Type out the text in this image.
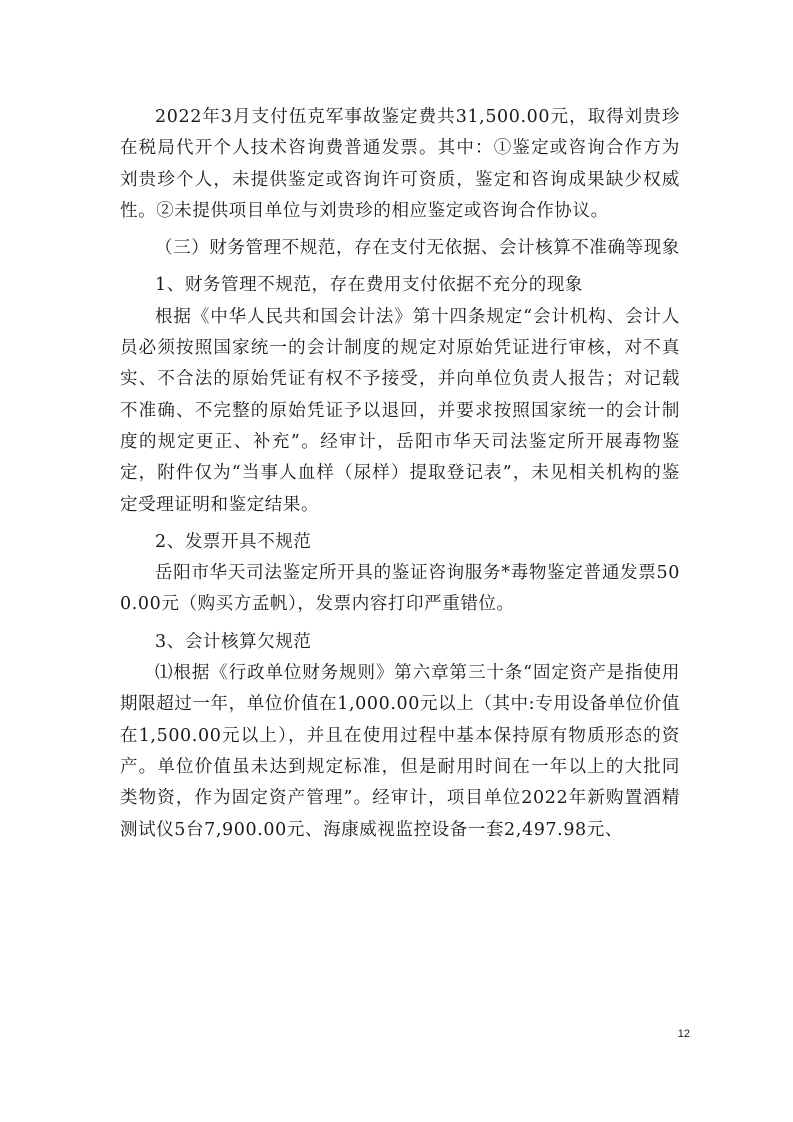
2022年3月支付伍克军事故鉴定费共31,500.00元，取得刘贵珍在税局代开个人技术咨询费普通发票。其中：①鉴定或咨询合作方为刘贵珍个人，未提供鉴定或咨询许可资质，鉴定和咨询成果缺少权威性。②未提供项目单位与刘贵珍的相应鉴定或咨询合作协议。

（三）财务管理不规范，存在支付无依据、会计核算不准确等现象

1、财务管理不规范，存在费用支付依据不充分的现象

根据《中华人民共和国会计法》第十四条规定“会计机构、会计人员必须按照国家统一的会计制度的规定对原始凭证进行审核，对不真实、不合法的原始凭证有权不予接受，并向单位负责人报告；对记载不准确、不完整的原始凭证予以退回，并要求按照国家统一的会计制度的规定更正、补充”。经审计，岳阳市华天司法鉴定所开展毒物鉴定，附件仅为“当事人血样（尿样）提取登记表”，未见相关机构的鉴定受理证明和鉴定结果。

2、发票开具不规范

岳阳市华天司法鉴定所开具的鉴证咨询服务*毒物鉴定普通发票500.00元（购买方孟帆），发票内容打印严重错位。

3、会计核算欠规范

⑴根据《行政单位财务规则》第六章第三十条“固定资产是指使用期限超过一年，单位价值在1,000.00元以上（其中:专用设备单位价值在1,500.00元以上），并且在使用过程中基本保持原有物质形态的资产。单位价值虽未达到规定标准，但是耐用时间在一年以上的大批同类物资，作为固定资产管理”。经审计，项目单位2022年新购置酒精测试仪5台7,900.00元、海康威视监控设备一套2,497.98元、

12
